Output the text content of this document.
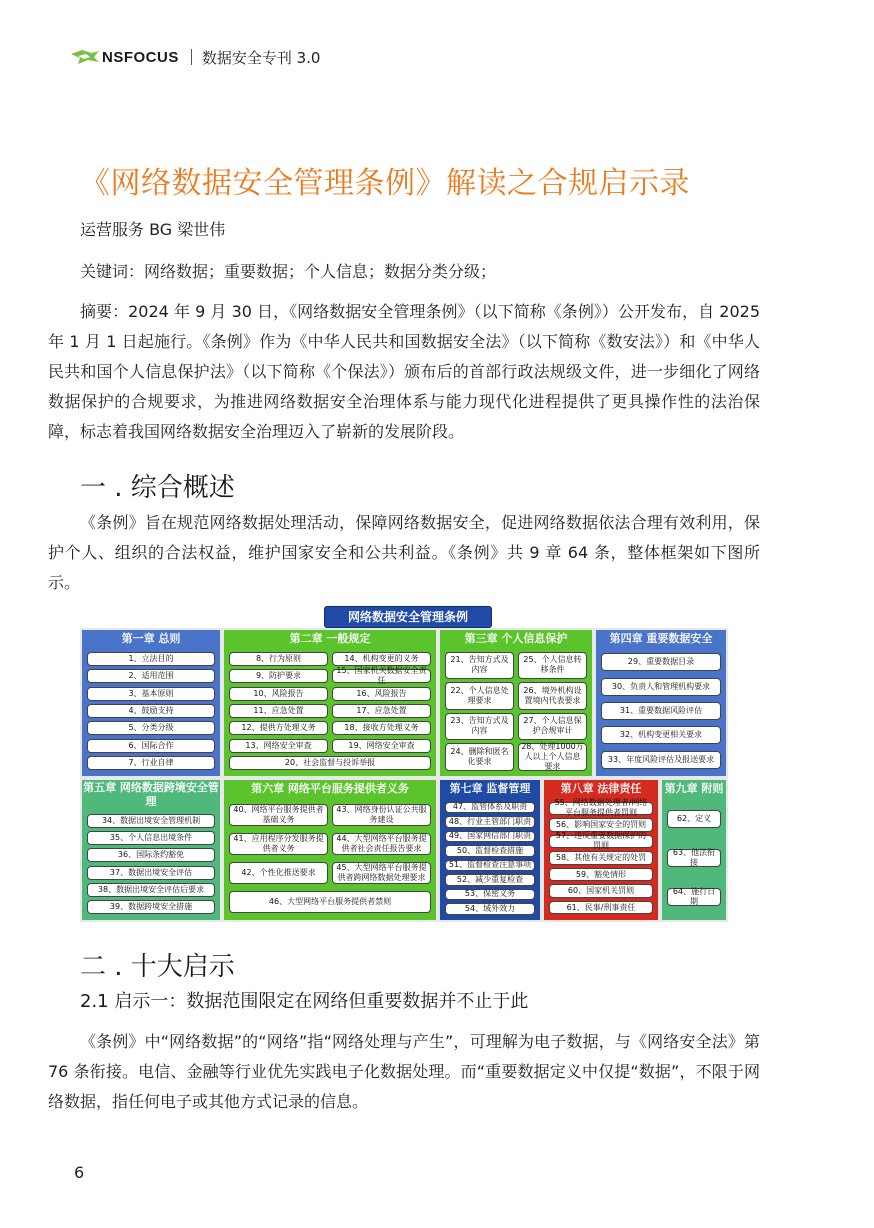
NSFOCUS 数据安全专刊 3.0
《网络数据安全管理条例》解读之合规启示录
运营服务 BG 梁世伟
关键词：网络数据；重要数据；个人信息；数据分类分级；
摘要：2024 年 9 月 30 日，《网络数据安全管理条例》（以下简称《条例》）公开发布，自 2025 年 1 月 1 日起施行。《条例》作为《中华人民共和国数据安全法》（以下简称《数安法》）和《中华人民共和国个人信息保护法》（以下简称《个保法》）颁布后的首部行政法规级文件，进一步细化了网络数据保护的合规要求，为推进网络数据安全治理体系与能力现代化进程提供了更具操作性的法治保障，标志着我国网络数据安全治理迈入了崭新的发展阶段。
一 . 综合概述
《条例》旨在规范网络数据处理活动，保障网络数据安全，促进网络数据依法合理有效利用，保护个人、组织的合法权益，维护国家安全和公共利益。《条例》共 9 章 64 条，整体框架如下图所示。
网络数据安全管理条例
第一章 总则
1、立法目的
2、适用范围
3、基本原则
4、鼓励支持
5、分类分级
6、国际合作
7、行业自律
第二章 一般规定
8、行为原则	14、机构变更的义务
9、防护要求
15、国家机关数据安全责任
10、风险报告	16、风险报告
11、应急处置	17、应急处置
12、提供方处理义务	18、接收方处理义务
13、网络安全审查	19、网络安全审查
20、社会监督与投诉举报
第三章 个人信息保护
21、告知方式及内容
25、个人信息转移条件
22、个人信息处理要求
26、境外机构设置境内代表要求
23、告知方式及内容
27、个人信息保护合规审计
24、删除和匿名化要求
28、处理1000万人以上个人信息要求
第四章 重要数据安全
29、重要数据目录
30、负责人和管理机构要求
31、重要数据风险评估
32、机构变更相关要求
33、年度风险评估及报送要求
第五章 网络数据跨境安全管理
34、数据出境安全管理机制
35、个人信息出境条件
36、国际条约豁免
37、数据出境安全评估
38、数据出境安全评估后要求
39、数据跨境安全措施
第六章 网络平台服务提供者义务
40、网络平台服务提供者基础义务
43、网络身份认证公共服务建设
41、应用程序分发服务提供者义务
44、大型网络平台服务提供者社会责任报告要求
42、个性化推送要求
45、大型网络平台服务提供者跨网络数据处理要求
46、大型网络平台服务提供者禁则
第七章 监督管理
47、监管体系及职责
48、行业主管部门职责
49、国家网信部门职责
50、监督检查措施
51、监督检查注意事项
52、减少重复检查
53、保密义务
54、域外效力
第八章 法律责任
55、网络数据处理者/网络平台服务提供者罚则
56、影响国家安全的罚则
57、违反重要数据保护的罚则
58、其他有关规定的处罚
59、豁免情形
60、国家机关罚则
61、民事/刑事责任
第九章 附则
62、定义
63、他法衔接
64、施行日期
二 . 十大启示
2.1 启示一：数据范围限定在网络但重要数据并不止于此
《条例》中“网络数据”的“网络”指“网络处理与产生”，可理解为电子数据，与《网络安全法》第 76 条衔接。电信、金融等行业优先实践电子化数据处理。而“重要数据定义中仅提“数据”，不限于网络数据，指任何电子或其他方式记录的信息。
6
